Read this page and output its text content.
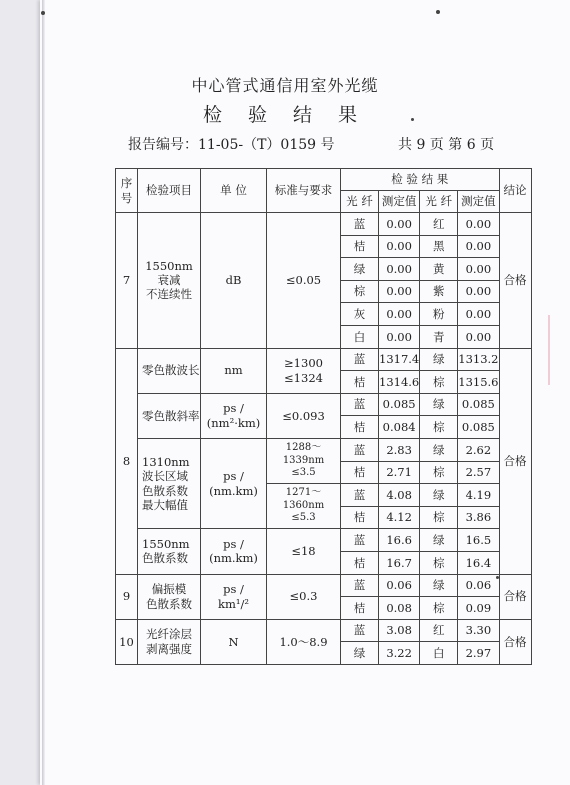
中心管式通信用室外光缆
检 验 结 果
报告编号：11-05-（T）0159 号	共 9 页 第 6 页
序号	检验项目	单 位	标准与要求	检 验 结 果				结论
				光 纤	测定值	光 纤	测定值	
7	1550nm
衰减
不连续性	dB	≤0.05	蓝	0.00	红	0.00	合格
				桔	0.00	黑	0.00	
				绿	0.00	黄	0.00	
				棕	0.00	紫	0.00	
				灰	0.00	粉	0.00	
				白	0.00	青	0.00	
8	零色散波长	nm	≥1300
≤1324	蓝	1317.4	绿	1313.2	合格
				桔	1314.6	棕	1315.6	
	零色散斜率	ps /
(nm²·km)	≤0.093	蓝	0.085	绿	0.085	
				桔	0.084	棕	0.085	
	1310nm
波长区域
色散系数
最大幅值	ps /
(nm.km)	1288～1339nm
≤3.5	蓝	2.83	绿	2.62	
				桔	2.71	棕	2.57	
			1271～1360nm
≤5.3	蓝	4.08	绿	4.19	
				桔	4.12	棕	3.86	
	1550nm
色散系数	ps /
(nm.km)	≤18	蓝	16.6	绿	16.5	
				桔	16.7	棕	16.4	
9	偏振模
色散系数	ps /
km¹/²	≤0.3	蓝	0.06	绿	0.06	合格
				桔	0.08	棕	0.09	
10	光纤涂层
剥离强度	N	1.0～8.9	蓝	3.08	红	3.30	合格
				绿	3.22	白	2.97	
